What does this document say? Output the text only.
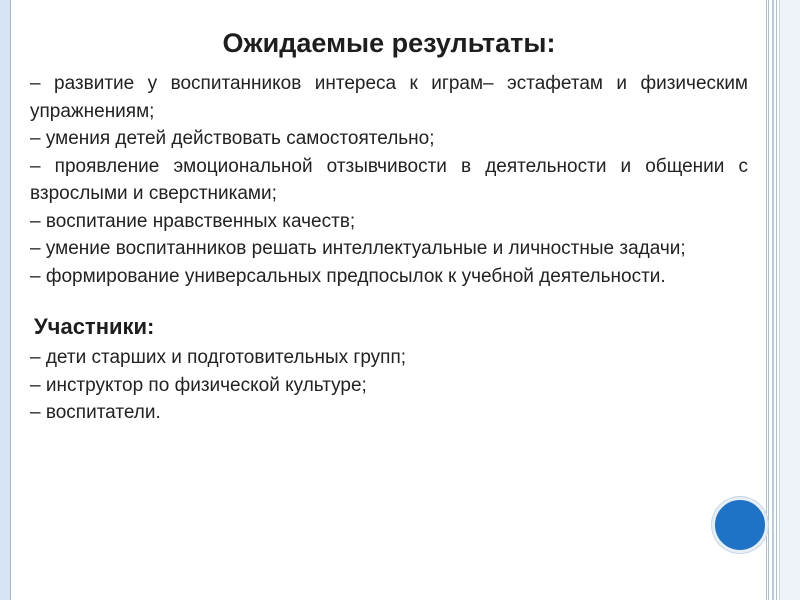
Ожидаемые результаты:

– развитие у воспитанников интереса к играм– эстафетам и физическим упражнениям;

– умения детей действовать самостоятельно;

– проявление эмоциональной отзывчивости в деятельности и общении с взрослыми и сверстниками;

– воспитание нравственных качеств;

– умение воспитанников решать интеллектуальные и личностные задачи;

– формирование универсальных предпосылок к учебной деятельности.

Участники:

– дети старших и подготовительных групп;

– инструктор по физической культуре;

– воспитатели.
